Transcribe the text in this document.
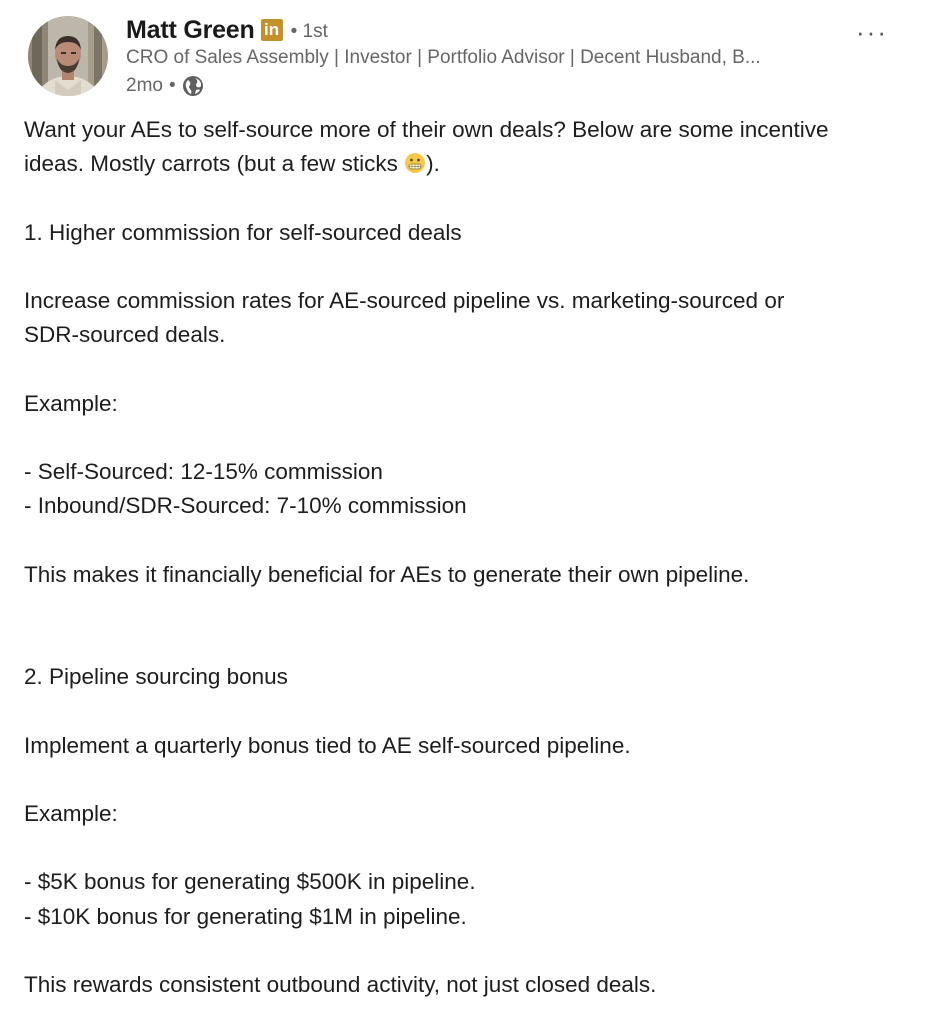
Matt Green in • 1st
CRO of Sales Assembly | Investor | Portfolio Advisor | Decent Husband, B...
2mo •
···

Want your AEs to self-source more of their own deals? Below are some incentive

ideas. Mostly carrots (but a few sticks ).

1. Higher commission for self-sourced deals

Increase commission rates for AE-sourced pipeline vs. marketing-sourced or

SDR-sourced deals.

Example:

- Self-Sourced: 12-15% commission

- Inbound/SDR-Sourced: 7-10% commission

This makes it financially beneficial for AEs to generate their own pipeline.

2. Pipeline sourcing bonus

Implement a quarterly bonus tied to AE self-sourced pipeline.

Example:

- $5K bonus for generating $500K in pipeline.

- $10K bonus for generating $1M in pipeline.

This rewards consistent outbound activity, not just closed deals.
